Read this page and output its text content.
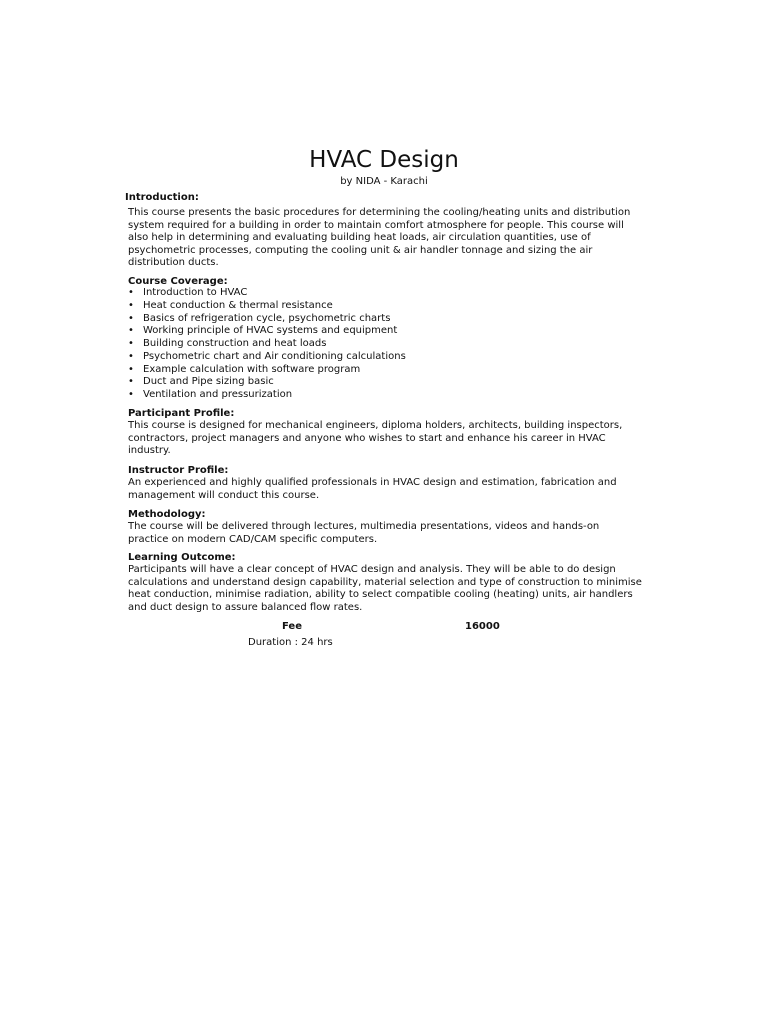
HVAC Design
by NIDA - Karachi
Introduction:

This course presents the basic procedures for determining the cooling/heating units and distribution system required for a building in order to maintain comfort atmosphere for people. This course will also help in determining and evaluating building heat loads, air circulation quantities, use of psychometric processes, computing the cooling unit & air handler tonnage and sizing the air distribution ducts.

Course Coverage:
• Introduction to HVAC
• Heat conduction & thermal resistance
• Basics of refrigeration cycle, psychometric charts
• Working principle of HVAC systems and equipment
• Building construction and heat loads
• Psychometric chart and Air conditioning calculations
• Example calculation with software program
• Duct and Pipe sizing basic
• Ventilation and pressurization
Participant Profile:

This course is designed for mechanical engineers, diploma holders, architects, building inspectors, contractors, project managers and anyone who wishes to start and enhance his career in HVAC industry.

Instructor Profile:

An experienced and highly qualified professionals in HVAC design and estimation, fabrication and management will conduct this course.

Methodology:

The course will be delivered through lectures, multimedia presentations, videos and hands-on practice on modern CAD/CAM specific computers.

Learning Outcome:

Participants will have a clear concept of HVAC design and analysis. They will be able to do design calculations and understand design capability, material selection and type of construction to minimise heat conduction, minimise radiation, ability to select compatible cooling (heating) units, air handlers and duct design to assure balanced flow rates.

Fee	16000
Duration : 24 hrs
